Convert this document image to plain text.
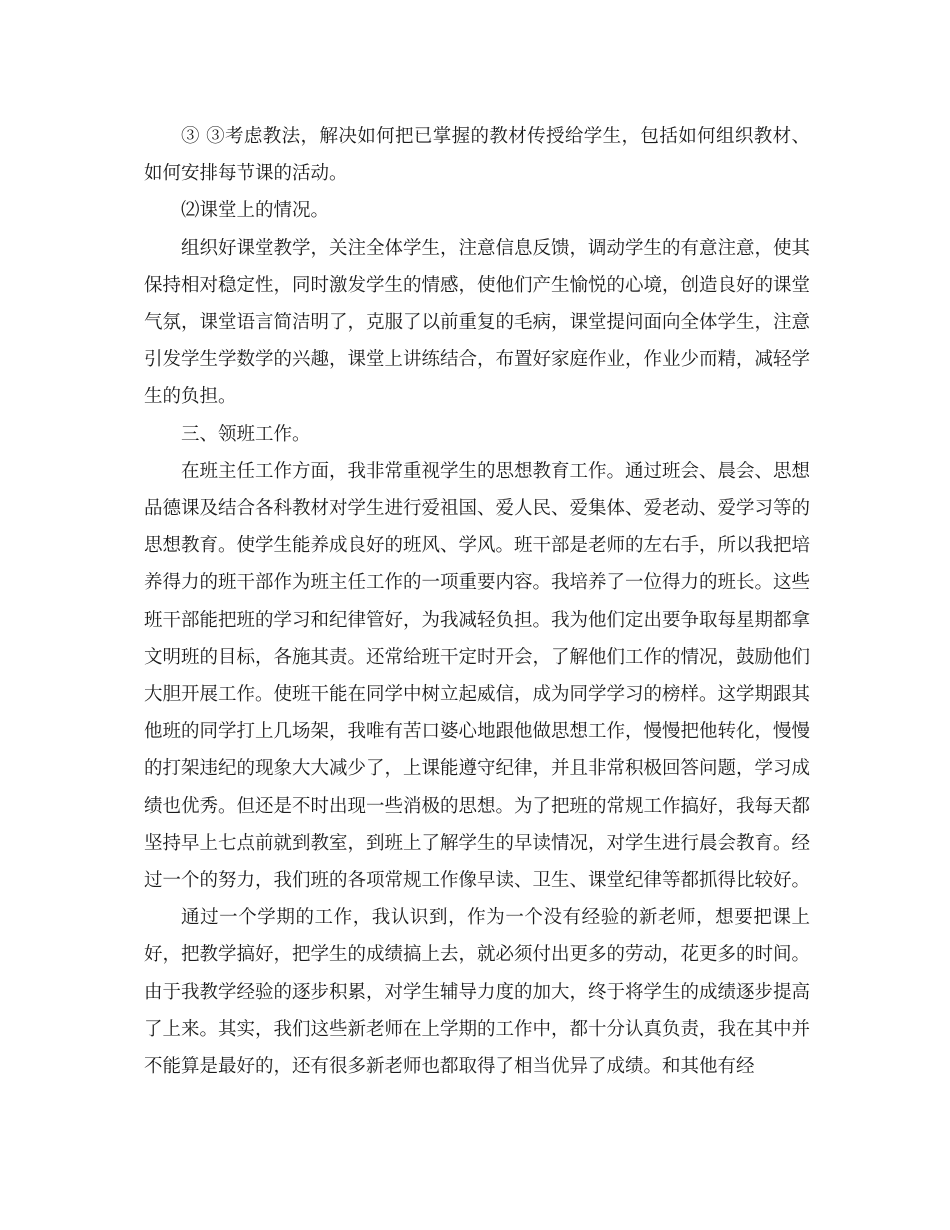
③ ③考虑教法，解决如何把已掌握的教材传授给学生，包括如何组织教材、如何安排每节课的活动。

⑵课堂上的情况。

组织好课堂教学，关注全体学生，注意信息反馈，调动学生的有意注意，使其保持相对稳定性，同时激发学生的情感，使他们产生愉悦的心境，创造良好的课堂气氛，课堂语言简洁明了，克服了以前重复的毛病，课堂提问面向全体学生，注意引发学生学数学的兴趣，课堂上讲练结合，布置好家庭作业，作业少而精，减轻学生的负担。

三、领班工作。

在班主任工作方面，我非常重视学生的思想教育工作。通过班会、晨会、思想品德课及结合各科教材对学生进行爱祖国、爱人民、爱集体、爱老动、爱学习等的思想教育。使学生能养成良好的班风、学风。班干部是老师的左右手，所以我把培养得力的班干部作为班主任工作的一项重要内容。我培养了一位得力的班长。这些班干部能把班的学习和纪律管好，为我减轻负担。我为他们定出要争取每星期都拿文明班的目标，各施其责。还常给班干定时开会，了解他们工作的情况，鼓励他们大胆开展工作。使班干能在同学中树立起威信，成为同学学习的榜样。这学期跟其他班的同学打上几场架，我唯有苦口婆心地跟他做思想工作，慢慢把他转化，慢慢的打架违纪的现象大大减少了，上课能遵守纪律，并且非常积极回答问题，学习成绩也优秀。但还是不时出现一些消极的思想。为了把班的常规工作搞好，我每天都坚持早上七点前就到教室，到班上了解学生的早读情况，对学生进行晨会教育。经过一个的努力，我们班的各项常规工作像早读、卫生、课堂纪律等都抓得比较好。

通过一个学期的工作，我认识到，作为一个没有经验的新老师，想要把课上好，把教学搞好，把学生的成绩搞上去，就必须付出更多的劳动，花更多的时间。由于我教学经验的逐步积累，对学生辅导力度的加大，终于将学生的成绩逐步提高了上来。其实，我们这些新老师在上学期的工作中，都十分认真负责，我在其中并不能算是最好的，还有很多新老师也都取得了相当优异了成绩。和其他有经
